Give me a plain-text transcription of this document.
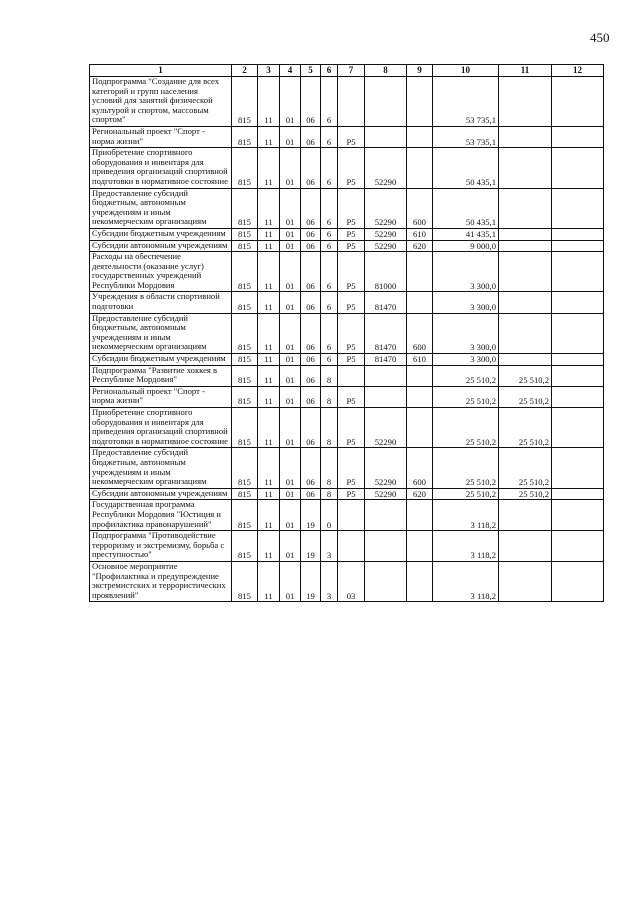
450
1	2	3	4	5	6	7	8	9	10	11	12
Подпрограмма "Создание для всех категорий и групп населения условий для занятий физической культурой и спортом, массовым спортом"	815	11	01	06	6				53 735,1		
Региональный проект "Спорт - норма жизни"	815	11	01	06	6	P5			53 735,1		
Приобретение спортивного оборудования и инвентаря для приведения организаций спортивной подготовки в нормативное состояние	815	11	01	06	6	P5	52290		50 435,1		
Предоставление субсидий бюджетным, автономным учреждениям и иным некоммерческим организациям	815	11	01	06	6	P5	52290	600	50 435,1		
Субсидии бюджетным учреждениям	815	11	01	06	6	P5	52290	610	41 435,1		
Субсидии автономным учреждениям	815	11	01	06	6	P5	52290	620	9 000,0		
Расходы на обеспечение деятельности (оказание услуг) государственных учреждений Республики Мордовия	815	11	01	06	6	P5	81000		3 300,0		
Учреждения в области спортивной подготовки	815	11	01	06	6	P5	81470		3 300,0		
Предоставление субсидий бюджетным, автономным учреждениям и иным некоммерческим организациям	815	11	01	06	6	P5	81470	600	3 300,0		
Субсидии бюджетным учреждениям	815	11	01	06	6	P5	81470	610	3 300,0		
Подпрограмма "Развитие хоккея в Республике Мордовия"	815	11	01	06	8				25 510,2	25 510,2	
Региональный проект "Спорт - норма жизни"	815	11	01	06	8	P5			25 510,2	25 510,2	
Приобретение спортивного оборудования и инвентаря для приведения организаций спортивной подготовки в нормативное состояние	815	11	01	06	8	P5	52290		25 510,2	25 510,2	
Предоставление субсидий бюджетным, автономным учреждениям и иным некоммерческим организациям	815	11	01	06	8	P5	52290	600	25 510,2	25 510,2	
Субсидии автономным учреждениям	815	11	01	06	8	P5	52290	620	25 510,2	25 510,2	
Государственная программа Республики Мордовия "Юстиция и профилактика правонарушений"	815	11	01	19	0				3 118,2		
Подпрограмма "Противодействие терроризму и экстремизму, борьба с преступностью"	815	11	01	19	3				3 118,2		
Основное мероприятие "Профилактика и предупреждение экстремистских и террористических проявлений"	815	11	01	19	3	03			3 118,2		
